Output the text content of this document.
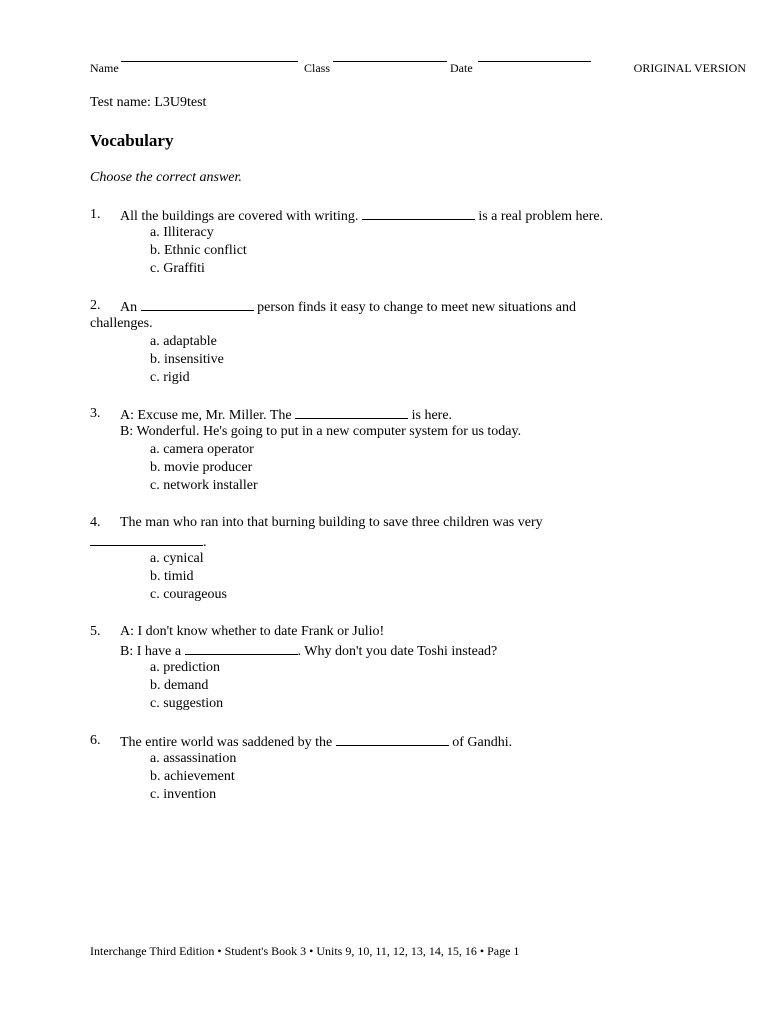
Name	Class	Date	ORIGINAL VERSION
Test name: L3U9test
Vocabulary
Choose the correct answer.
1. All the buildings are covered with writing.	is a real problem here.
a. Illiteracy
b. Ethnic conflict
c. Graffiti
2. An	person finds it easy to change to meet new situations and
challenges.
a. adaptable
b. insensitive
c. rigid
3. A: Excuse me, Mr. Miller. The	is here.
B: Wonderful. He's going to put in a new computer system for us today.
a. camera operator
b. movie producer
c. network installer
4. The man who ran into that burning building to save three children was very
.
a. cynical
b. timid
c. courageous
5. A: I don't know whether to date Frank or Julio!
B: I have a	. Why don't you date Toshi instead?
a. prediction
b. demand
c. suggestion
6. The entire world was saddened by the	of Gandhi.
a. assassination
b. achievement
c. invention
Interchange Third Edition • Student's Book 3 • Units 9, 10, 11, 12, 13, 14, 15, 16 • Page 1
